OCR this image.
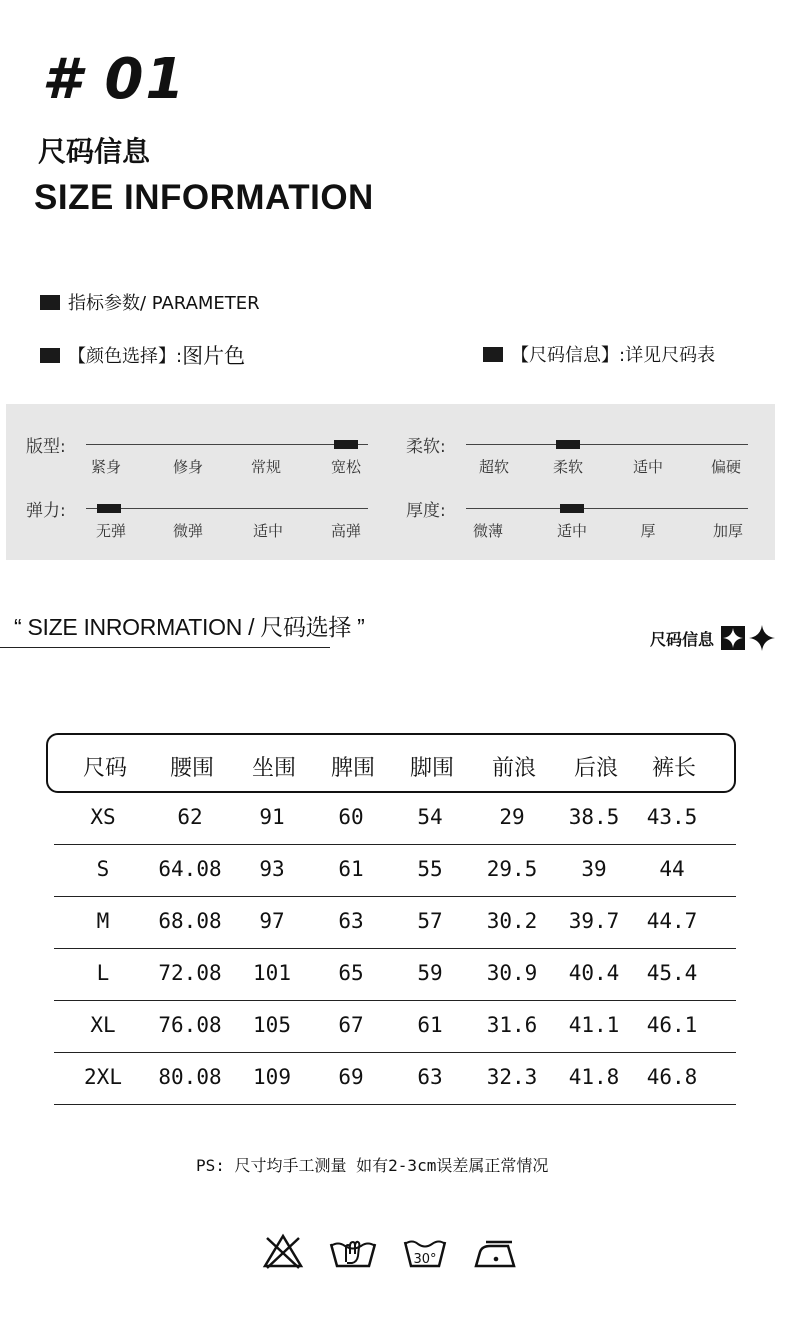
# 01
尺码信息
SIZE INFORMATION
指标参数/ PARAMETER
【颜色选择】: 图片色	【尺码信息】:详见尺码表
版型:
紧身	修身	常规	宽松
柔软:
超软	柔软	适中	偏硬
弹力:
无弹	微弹	适中	高弹
厚度:
微薄	适中	厚	加厚
“ SIZE INRORMATION / 尺码选择 ”	尺码信息
尺码 腰围 坐围 脾围 脚围 前浪 后浪 裤长
XS	62	91	60	54	29 38.5 43.5
S 64.08 93	61	55 29.5 39	44
M 68.08 97	63	57 30.2 39.7 44.7
L 72.08 101 65	59 30.9 40.4 45.4
XL 76.08 105 67	61 31.6 41.1 46.1
2XL 80.08 109 69	63 32.3 41.8 46.8
PS: 尺寸均手工测量 如有2-3cm误差属正常情况
30°
